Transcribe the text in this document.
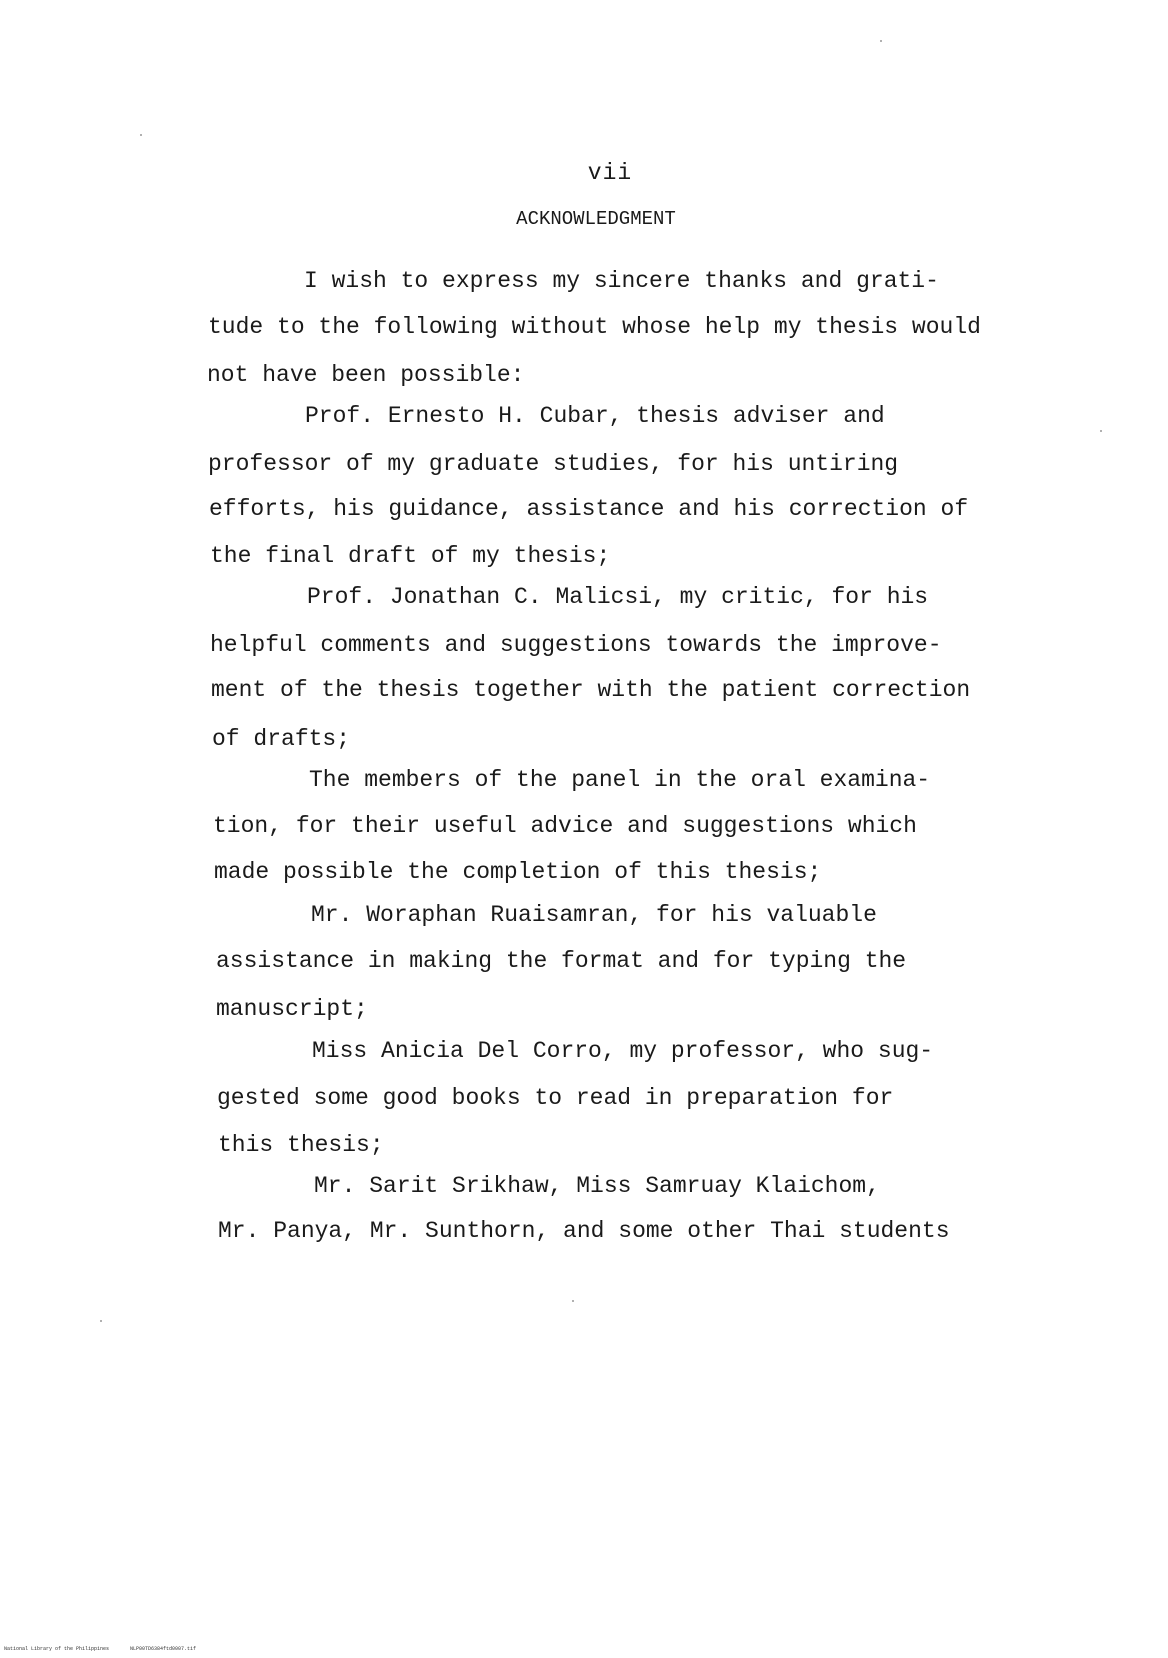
vii
ACKNOWLEDGMENT
I wish to express my sincere thanks and grati-
tude to the following without whose help my thesis would
not have been possible:
Prof. Ernesto H. Cubar, thesis adviser and
professor of my graduate studies, for his untiring
efforts, his guidance, assistance and his correction of
the final draft of my thesis;
Prof. Jonathan C. Malicsi, my critic, for his
helpful comments and suggestions towards the improve-
ment of the thesis together with the patient correction
of drafts;
The members of the panel in the oral examina-
tion, for their useful advice and suggestions which
made possible the completion of this thesis;
Mr. Woraphan Ruaisamran, for his valuable
assistance in making the format and for typing the
manuscript;
Miss Anicia Del Corro, my professor, who sug-
gested some good books to read in preparation for
this thesis;
Mr. Sarit Srikhaw, Miss Samruay Klaichom,
Mr. Panya, Mr. Sunthorn, and some other Thai students
National Library of the Philippines	NLP00TD6384ftd0007.tif
